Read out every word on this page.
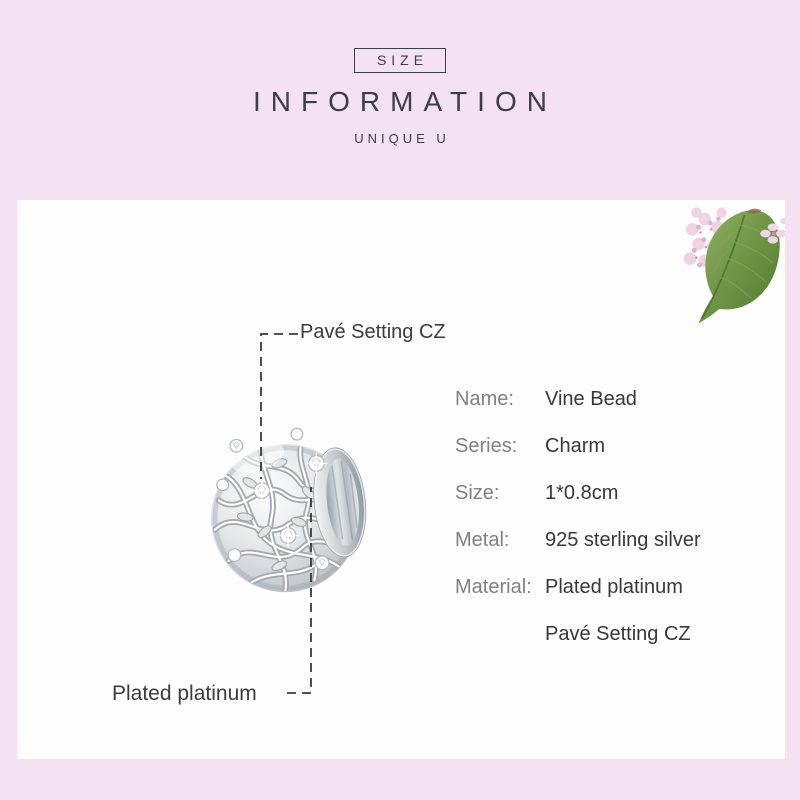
SIZE
INFORMATION
UNIQUE U
Pavé Setting CZ
Plated platinum
Name:	Vine Bead
Series:	Charm
Size:	1*0.8cm
Metal:	925 sterling silver
Material: Plated platinum
Pavé Setting CZ
